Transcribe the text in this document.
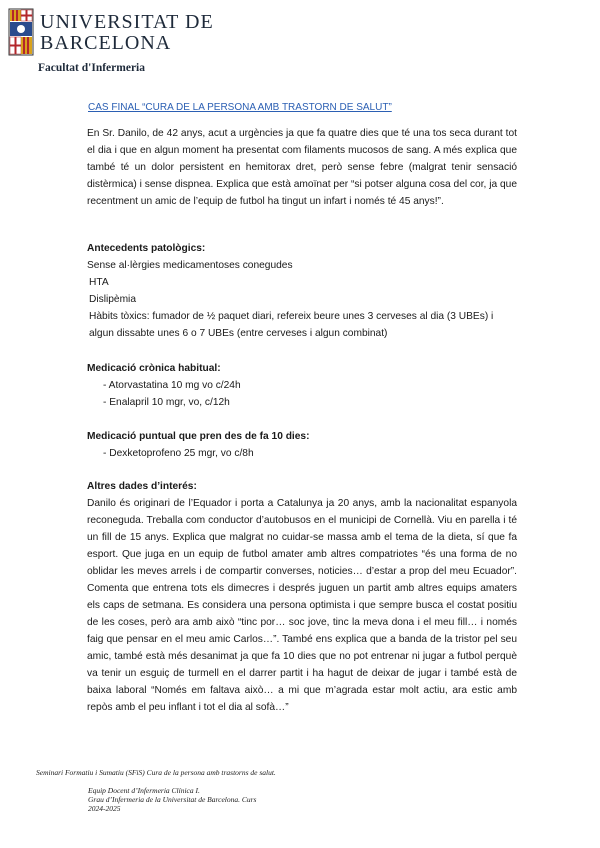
UNIVERSITAT DE
BARCELONA
Facultat d'Infermeria
CAS FINAL “CURA DE LA PERSONA AMB TRASTORN DE SALUT”
En Sr. Danilo, de 42 anys, acut a urgències ja que fa quatre dies que té una tos seca durant tot el dia i que en algun moment ha presentat com filaments mucosos de sang. A més explica que també té un dolor persistent en hemitorax dret, però sense febre (malgrat tenir sensació distèrmica) i sense dispnea. Explica que està amoïnat per “si potser alguna cosa del cor, ja que recentment un amic de l’equip de futbol ha tingut un infart i només té 45 anys!”.
Antecedents patològics:
Sense al·lèrgies medicamentoses conegudes
HTA
Dislipèmia
Hàbits tòxics: fumador de ½ paquet diari, refereix beure unes 3 cerveses al dia (3 UBEs) i algun dissabte unes 6 o 7 UBEs (entre cerveses i algun combinat)
Medicació crònica habitual:
- Atorvastatina 10 mg vo c/24h
- Enalapril 10 mgr, vo, c/12h
Medicació puntual que pren des de fa 10 dies:
- Dexketoprofeno 25 mgr, vo c/8h
Altres dades d’interés:
Danilo és originari de l’Equador i porta a Catalunya ja 20 anys, amb la nacionalitat espanyola reconeguda. Treballa com conductor d’autobusos en el municipi de Cornellà. Viu en parella i té un fill de 15 anys. Explica que malgrat no cuidar-se massa amb el tema de la dieta, sí que fa esport. Que juga en un equip de futbol amater amb altres compatriotes “és una forma de no oblidar les meves arrels i de compartir converses, noticies… d’estar a prop del meu Ecuador”. Comenta que entrena tots els dimecres i després juguen un partit amb altres equips amaters els caps de setmana. Es considera una persona optimista i que sempre busca el costat positiu de les coses, però ara amb això “tinc por… soc jove, tinc la meva dona i el meu fill… i només faig que pensar en el meu amic Carlos…”. També ens explica que a banda de la tristor pel seu amic, també està més desanimat ja que fa 10 dies que no pot entrenar ni jugar a futbol perquè va tenir un esguiç de turmell en el darrer partit i ha hagut de deixar de jugar i també està de baixa laboral “Només em faltava això… a mi que m’agrada estar molt actiu, ara estic amb repòs amb el peu inflant i tot el dia al sofà…”
Seminari Formatiu i Sumatiu (SFiS) Cura de la persona amb trastorns de salut.
Equip Docent d’Infermeria Clínica I.
Grau d’Infermeria de la Universitat de Barcelona. Curs
2024-2025
